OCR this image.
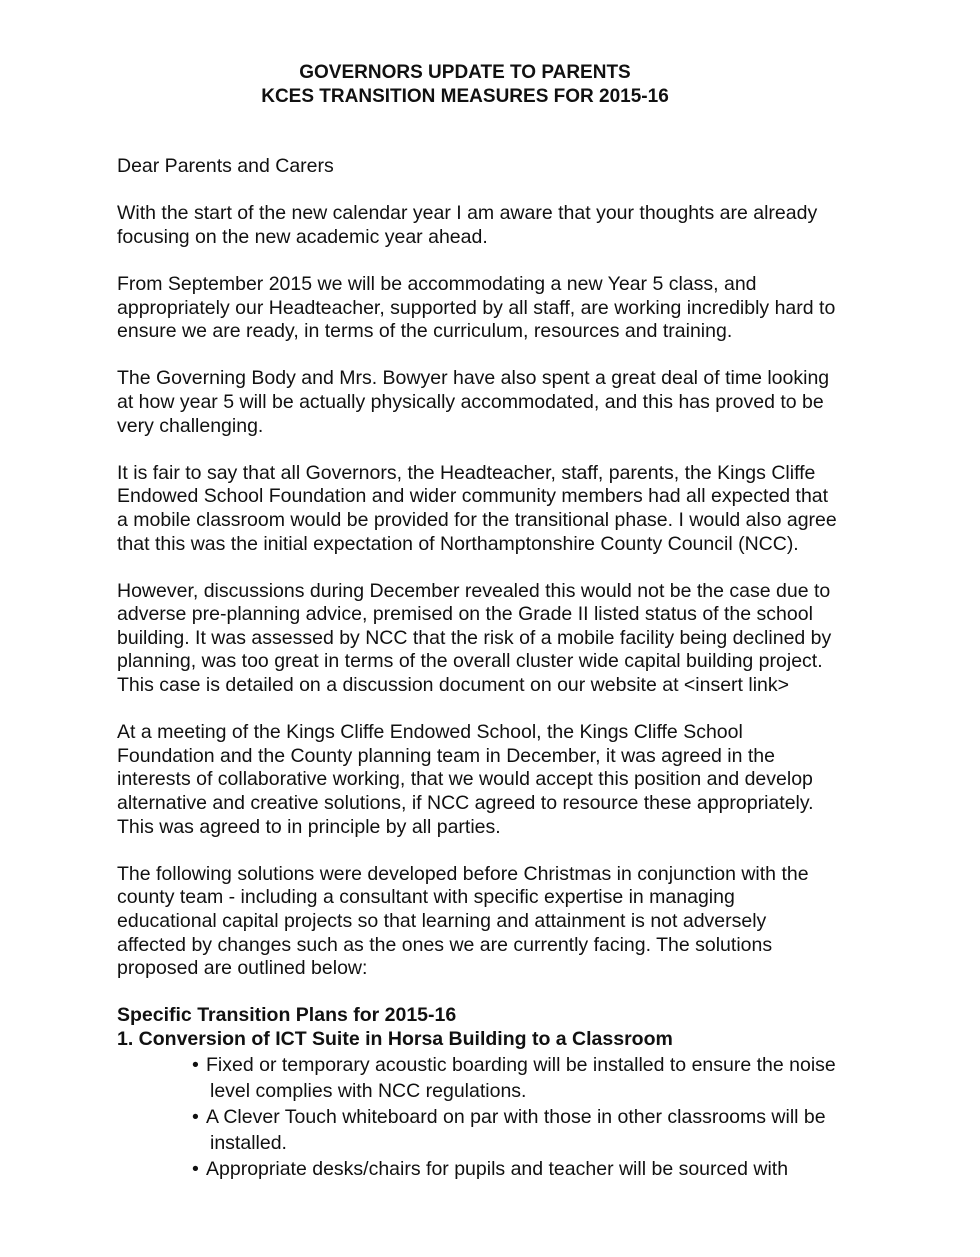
GOVERNORS UPDATE TO PARENTS
KCES TRANSITION MEASURES FOR 2015-16

Dear Parents and Carers

With the start of the new calendar year I am aware that your thoughts are already focusing on the new academic year ahead.

From September 2015 we will be accommodating a new Year 5 class, and appropriately our Headteacher, supported by all staff, are working incredibly hard to ensure we are ready, in terms of the curriculum, resources and training.

The Governing Body and Mrs. Bowyer have also spent a great deal of time looking at how year 5 will be actually physically accommodated, and this has proved to be very challenging.

It is fair to say that all Governors, the Headteacher, staff, parents, the Kings Cliffe Endowed School Foundation and wider community members had all expected that a mobile classroom would be provided for the transitional phase. I would also agree that this was the initial expectation of Northamptonshire County Council (NCC).

However, discussions during December revealed this would not be the case due to adverse pre-planning advice, premised on the Grade II listed status of the school building. It was assessed by NCC that the risk of a mobile facility being declined by planning, was too great in terms of the overall cluster wide capital building project. This case is detailed on a discussion document on our website at <insert link>

At a meeting of the Kings Cliffe Endowed School, the Kings Cliffe School Foundation and the County planning team in December, it was agreed in the interests of collaborative working, that we would accept this position and develop alternative and creative solutions, if NCC agreed to resource these appropriately. This was agreed to in principle by all parties.

The following solutions were developed before Christmas in conjunction with the county team - including a consultant with specific expertise in managing educational capital projects so that learning and attainment is not adversely affected by changes such as the ones we are currently facing. The solutions proposed are outlined below:

Specific Transition Plans for 2015-16

1. Conversion of ICT Suite in Horsa Building to a Classroom

• Fixed or temporary acoustic boarding will be installed to ensure the noise level complies with NCC regulations.
• A Clever Touch whiteboard on par with those in other classrooms will be installed.
• Appropriate desks/chairs for pupils and teacher will be sourced with
